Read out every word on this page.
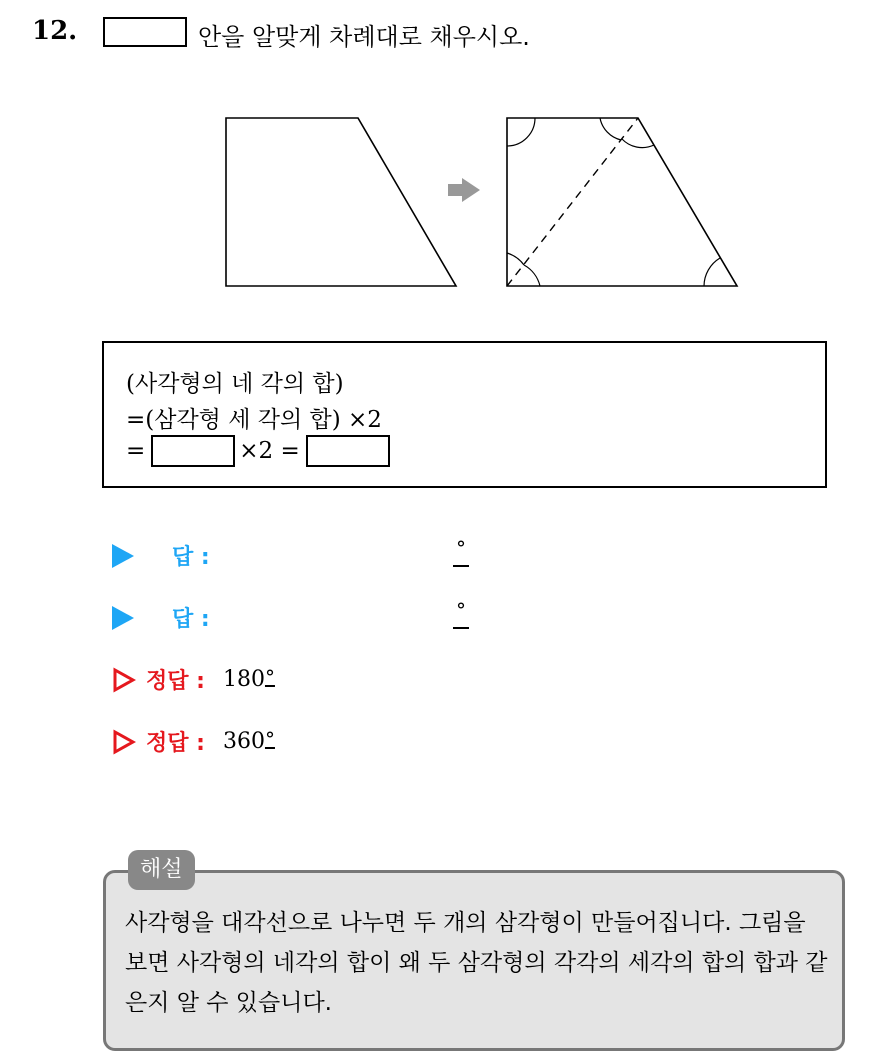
12.	안을 알맞게 차례대로 채우시오.
(사각형의 네 각의 합)
=(삼각형 세 각의 합) ×2
=	×2 =
답 :	°
답 :	°
정답 : 180 °
정답 : 360 °
해설
사각형을 대각선으로 나누면 두 개의 삼각형이 만들어집니다. 그림을 보면 사각형의 네각의 합이 왜 두 삼각형의 각각의 세각의 합의 합과 같은지 알 수 있습니다.
